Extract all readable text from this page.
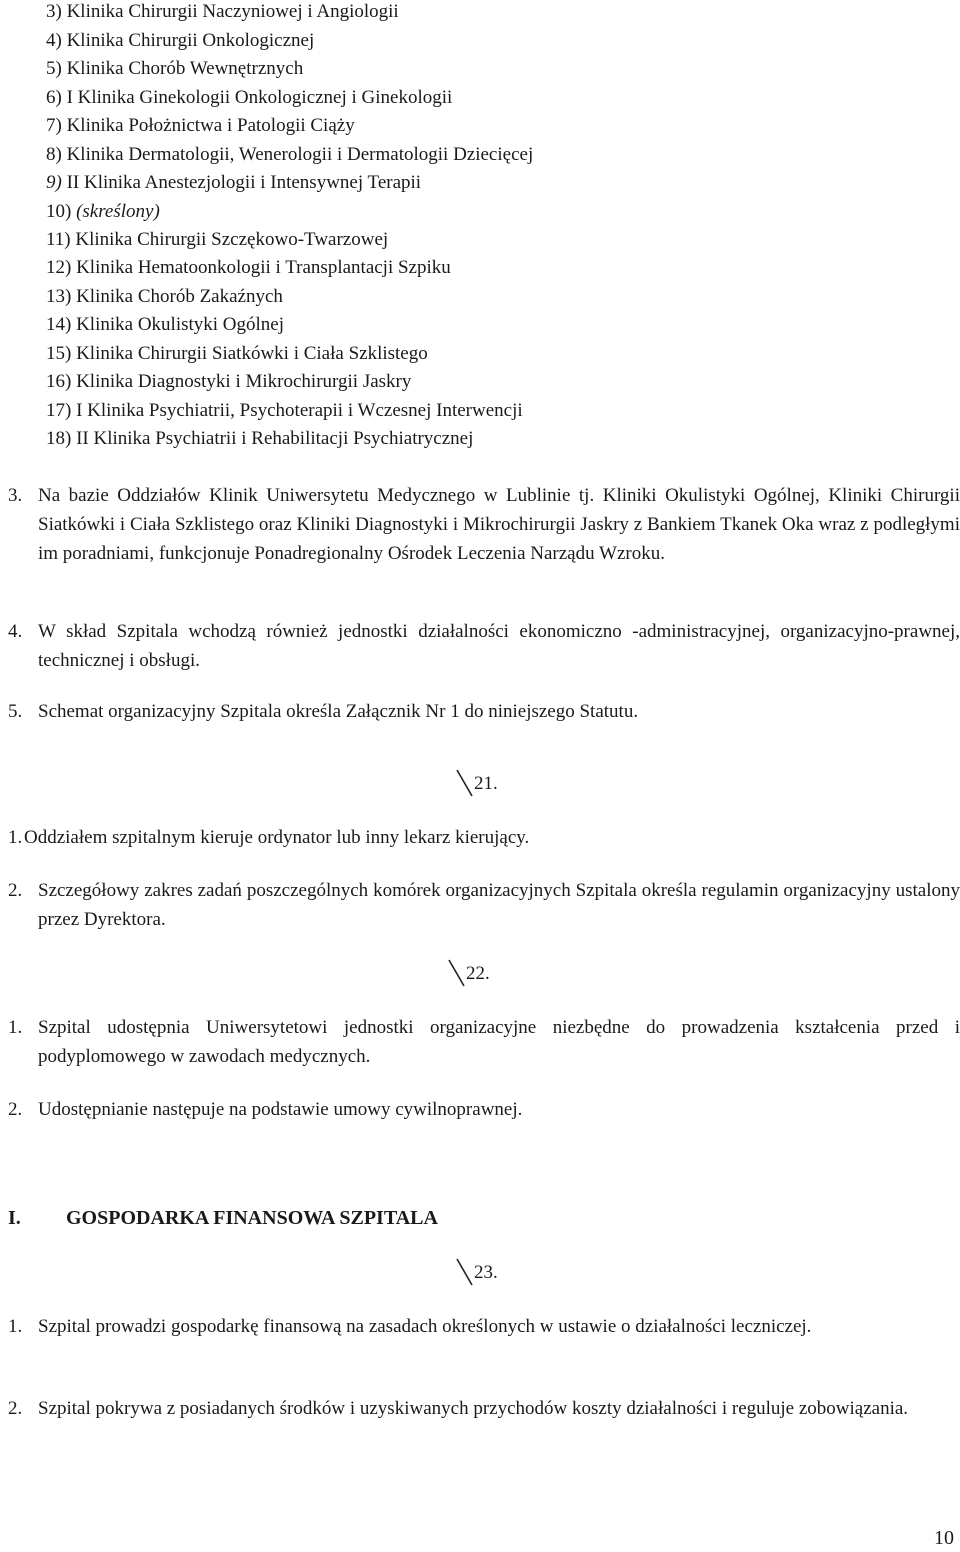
3) Klinika Chirurgii Naczyniowej i Angiologii
4) Klinika Chirurgii Onkologicznej
5) Klinika Chorób Wewnętrznych
6) I Klinika Ginekologii Onkologicznej i Ginekologii
7) Klinika Położnictwa i Patologii Ciąży
8) Klinika Dermatologii, Wenerologii i Dermatologii Dziecięcej
9) II Klinika Anestezjologii i Intensywnej Terapii
10) (skreślony)
11) Klinika Chirurgii Szczękowo-Twarzowej
12) Klinika Hematoonkologii i Transplantacji Szpiku
13) Klinika Chorób Zakaźnych
14) Klinika Okulistyki Ogólnej
15) Klinika Chirurgii Siatkówki i Ciała Szklistego
16) Klinika Diagnostyki i Mikrochirurgii Jaskry
17) I Klinika Psychiatrii, Psychoterapii i Wczesnej Interwencji
18) II Klinika Psychiatrii i Rehabilitacji Psychiatrycznej
3. Na bazie Oddziałów Klinik Uniwersytetu Medycznego w Lublinie tj. Kliniki Okulistyki Ogólnej, Kliniki Chirurgii Siatkówki i Ciała Szklistego oraz Kliniki Diagnostyki i Mikrochirurgii Jaskry z Bankiem Tkanek Oka wraz z podległymi im poradniami, funkcjonuje Ponadregionalny Ośrodek Leczenia Narządu Wzroku.
4. W skład Szpitala wchodzą również jednostki działalności ekonomiczno -administracyjnej, organizacyjno-prawnej, technicznej i obsługi.
5. Schemat organizacyjny Szpitala określa Załącznik Nr 1 do niniejszego Statutu.
21.
1. Oddziałem szpitalnym kieruje ordynator lub inny lekarz kierujący.
2. Szczegółowy zakres zadań poszczególnych komórek organizacyjnych Szpitala określa regulamin organizacyjny ustalony przez Dyrektora.
22.
1. Szpital udostępnia Uniwersytetowi jednostki organizacyjne niezbędne do prowadzenia kształcenia przed i podyplomowego w zawodach medycznych.
2. Udostępnianie następuje na podstawie umowy cywilnoprawnej.
I. GOSPODARKA FINANSOWA SZPITALA
23.
1. Szpital prowadzi gospodarkę finansową na zasadach określonych w ustawie o działalności leczniczej.
2. Szpital pokrywa z posiadanych środków i uzyskiwanych przychodów koszty działalności i reguluje zobowiązania.
10
